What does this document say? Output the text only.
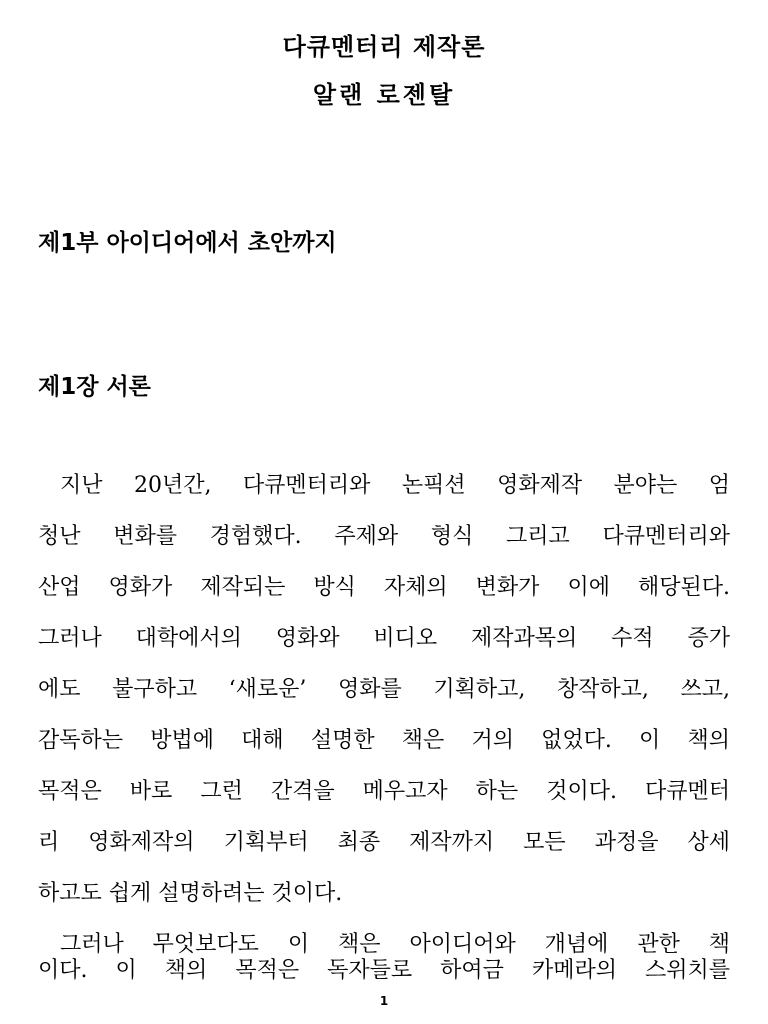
다큐멘터리 제작론
알랜 로젠탈
제1부 아이디어에서 초안까지
제1장 서론
지난 20년간, 다큐멘터리와 논픽션 영화제작 분야는 엄
청난 변화를 경험했다. 주제와 형식 그리고 다큐멘터리와
산업 영화가 제작되는 방식 자체의 변화가 이에 해당된다.
그러나 대학에서의 영화와 비디오 제작과목의 수적 증가
에도 불구하고 ‘새로운’ 영화를 기획하고, 창작하고, 쓰고,
감독하는 방법에 대해 설명한 책은 거의 없었다. 이 책의
목적은 바로 그런 간격을 메우고자 하는 것이다. 다큐멘터
리 영화제작의 기획부터 최종 제작까지 모든 과정을 상세
하고도 쉽게 설명하려는 것이다.
그러나 무엇보다도 이 책은 아이디어와 개념에 관한 책
이다. 이 책의 목적은 독자들로 하여금 카메라의 스위치를
1
